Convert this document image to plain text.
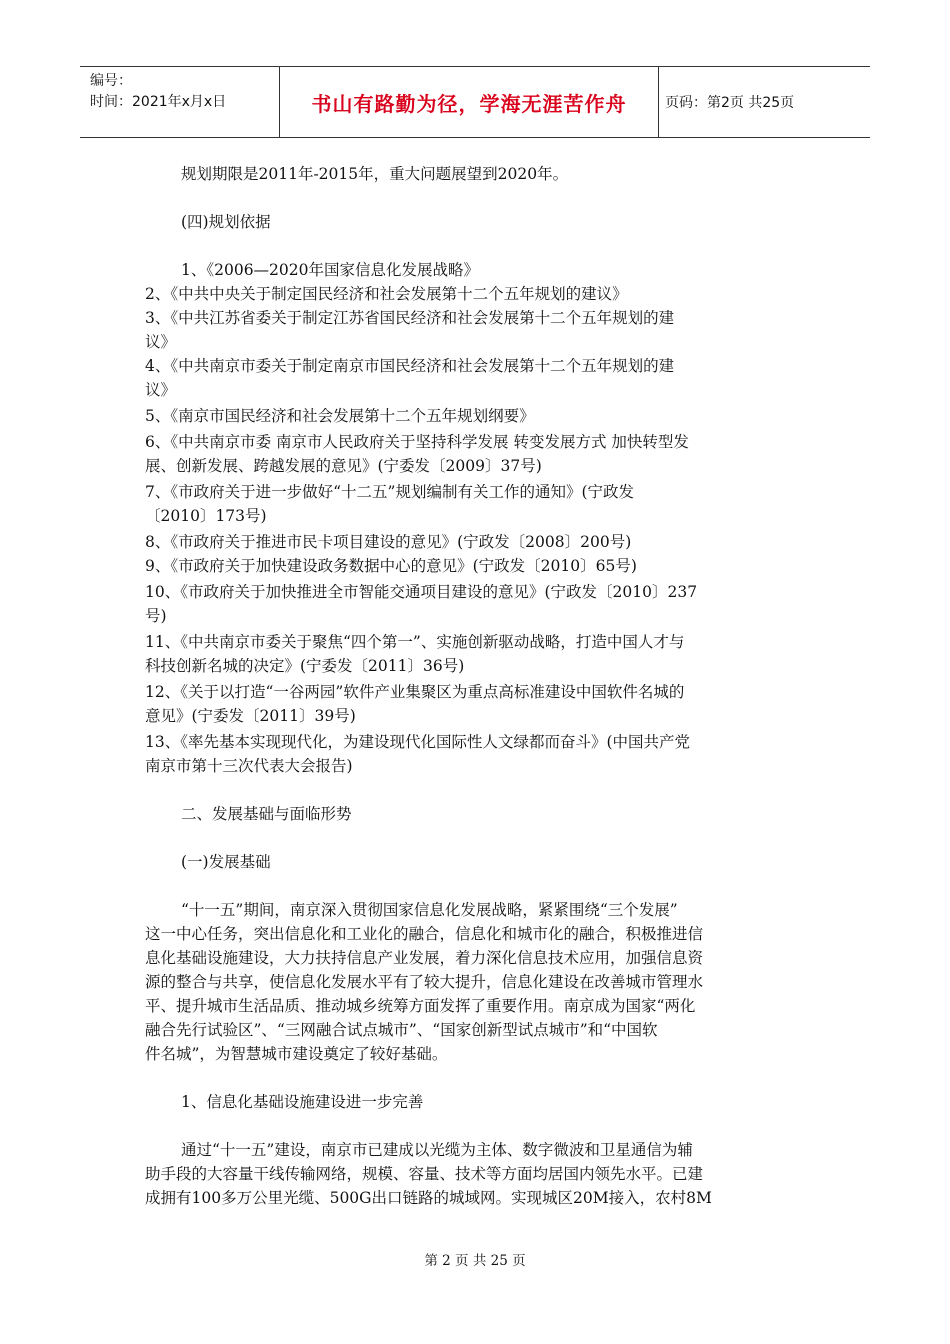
编号：
时间：2021年x月x日	书山有路勤为径，学海无涯苦作舟	页码：第2页 共25页
规划期限是2011年-2015年，重大问题展望到2020年。
(四)规划依据
1、《2006—2020年国家信息化发展战略》
2、《中共中央关于制定国民经济和社会发展第十二个五年规划的建议》
3、《中共江苏省委关于制定江苏省国民经济和社会发展第十二个五年规划的建
议》
4、《中共南京市委关于制定南京市国民经济和社会发展第十二个五年规划的建
议》
5、《南京市国民经济和社会发展第十二个五年规划纲要》
6、《中共南京市委 南京市人民政府关于坚持科学发展 转变发展方式 加快转型发
展、创新发展、跨越发展的意见》(宁委发〔2009〕37号)
7、《市政府关于进一步做好“十二五”规划编制有关工作的通知》(宁政发
〔2010〕173号)
8、《市政府关于推进市民卡项目建设的意见》(宁政发〔2008〕200号)
9、《市政府关于加快建设政务数据中心的意见》(宁政发〔2010〕65号)
10、《市政府关于加快推进全市智能交通项目建设的意见》(宁政发〔2010〕237
号)
11、《中共南京市委关于聚焦“四个第一”、实施创新驱动战略，打造中国人才与
科技创新名城的决定》(宁委发〔2011〕36号)
12、《关于以打造“一谷两园”软件产业集聚区为重点高标准建设中国软件名城的
意见》(宁委发〔2011〕39号)
13、《率先基本实现现代化，为建设现代化国际性人文绿都而奋斗》(中国共产党
南京市第十三次代表大会报告)
二、发展基础与面临形势
(一)发展基础
“十一五”期间，南京深入贯彻国家信息化发展战略，紧紧围绕“三个发展”
这一中心任务，突出信息化和工业化的融合，信息化和城市化的融合，积极推进信
息化基础设施建设，大力扶持信息产业发展，着力深化信息技术应用，加强信息资
源的整合与共享，使信息化发展水平有了较大提升，信息化建设在改善城市管理水
平、提升城市生活品质、推动城乡统筹方面发挥了重要作用。南京成为国家“两化
融合先行试验区”、“三网融合试点城市”、“国家创新型试点城市”和“中国软
件名城”，为智慧城市建设奠定了较好基础。
1、信息化基础设施建设进一步完善
通过“十一五”建设，南京市已建成以光缆为主体、数字微波和卫星通信为辅
助手段的大容量干线传输网络，规模、容量、技术等方面均居国内领先水平。已建
成拥有100多万公里光缆、500G出口链路的城域网。实现城区20M接入，农村8M
第 2 页 共 25 页
